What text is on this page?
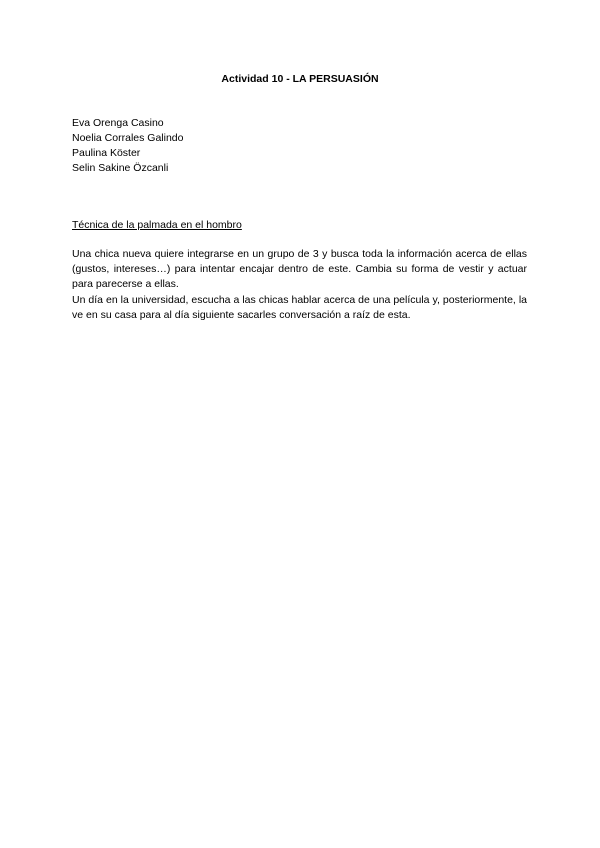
Actividad 10 - LA PERSUASIÓN
Eva Orenga Casino
Noelia Corrales Galindo
Paulina Köster
Selin Sakine Özcanli
Técnica de la palmada en el hombro

Una chica nueva quiere integrarse en un grupo de 3 y busca toda la información acerca de ellas (gustos, intereses…) para intentar encajar dentro de este. Cambia su forma de vestir y actuar para parecerse a ellas.

Un día en la universidad, escucha a las chicas hablar acerca de una película y, posteriormente, la ve en su casa para al día siguiente sacarles conversación a raíz de esta.
